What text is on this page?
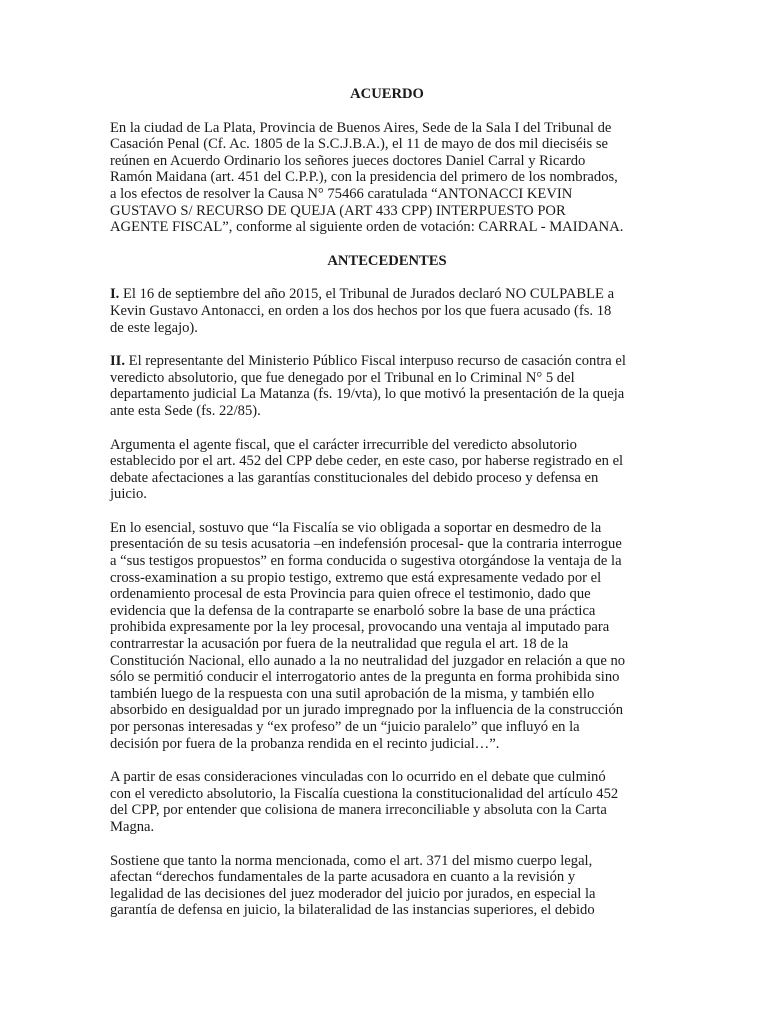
ACUERDO

En la ciudad de La Plata, Provincia de Buenos Aires, Sede de la Sala I del Tribunal de
Casación Penal (Cf. Ac. 1805 de la S.C.J.B.A.), el 11 de mayo de dos mil dieciséis se
reúnen en Acuerdo Ordinario los señores jueces doctores Daniel Carral y Ricardo
Ramón Maidana (art. 451 del C.P.P.), con la presidencia del primero de los nombrados,
a los efectos de resolver la Causa N° 75466 caratulada “ANTONACCI KEVIN
GUSTAVO S/ RECURSO DE QUEJA (ART 433 CPP) INTERPUESTO POR
AGENTE FISCAL”, conforme al siguiente orden de votación: CARRAL - MAIDANA.

ANTECEDENTES

I. El 16 de septiembre del año 2015, el Tribunal de Jurados declaró NO CULPABLE a
Kevin Gustavo Antonacci, en orden a los dos hechos por los que fuera acusado (fs. 18
de este legajo).

II. El representante del Ministerio Público Fiscal interpuso recurso de casación contra el
veredicto absolutorio, que fue denegado por el Tribunal en lo Criminal N° 5 del
departamento judicial La Matanza (fs. 19/vta), lo que motivó la presentación de la queja
ante esta Sede (fs. 22/85).

Argumenta el agente fiscal, que el carácter irrecurrible del veredicto absolutorio
establecido por el art. 452 del CPP debe ceder, en este caso, por haberse registrado en el
debate afectaciones a las garantías constitucionales del debido proceso y defensa en
juicio.

En lo esencial, sostuvo que “la Fiscalía se vio obligada a soportar en desmedro de la
presentación de su tesis acusatoria –en indefensión procesal- que la contraria interrogue
a “sus testigos propuestos” en forma conducida o sugestiva otorgándose la ventaja de la
cross-examination a su propio testigo, extremo que está expresamente vedado por el
ordenamiento procesal de esta Provincia para quien ofrece el testimonio, dado que
evidencia que la defensa de la contraparte se enarboló sobre la base de una práctica
prohibida expresamente por la ley procesal, provocando una ventaja al imputado para
contrarrestar la acusación por fuera de la neutralidad que regula el art. 18 de la
Constitución Nacional, ello aunado a la no neutralidad del juzgador en relación a que no
sólo se permitió conducir el interrogatorio antes de la pregunta en forma prohibida sino
también luego de la respuesta con una sutil aprobación de la misma, y también ello
absorbido en desigualdad por un jurado impregnado por la influencia de la construcción
por personas interesadas y “ex profeso” de un “juicio paralelo” que influyó en la
decisión por fuera de la probanza rendida en el recinto judicial…”.

A partir de esas consideraciones vinculadas con lo ocurrido en el debate que culminó
con el veredicto absolutorio, la Fiscalía cuestiona la constitucionalidad del artículo 452
del CPP, por entender que colisiona de manera irreconciliable y absoluta con la Carta
Magna.

Sostiene que tanto la norma mencionada, como el art. 371 del mismo cuerpo legal,
afectan “derechos fundamentales de la parte acusadora en cuanto a la revisión y
legalidad de las decisiones del juez moderador del juicio por jurados, en especial la
garantía de defensa en juicio, la bilateralidad de las instancias superiores, el debido
